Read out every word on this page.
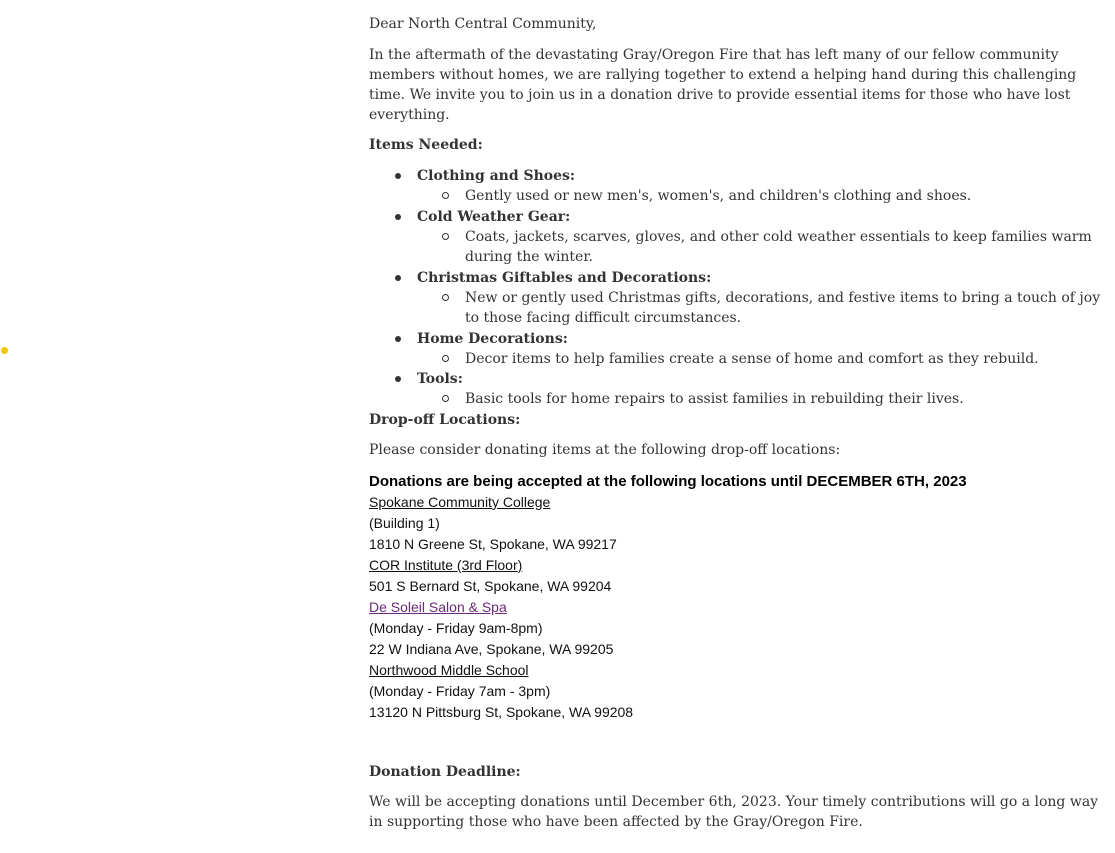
Dear North Central Community,

In the aftermath of the devastating Gray/Oregon Fire that has left many of our fellow community members without homes, we are rallying together to extend a helping hand during this challenging time. We invite you to join us in a donation drive to provide essential items for those who have lost everything.

Items Needed:

Clothing and Shoes:
Gently used or new men's, women's, and children's clothing and shoes.
Cold Weather Gear:
Coats, jackets, scarves, gloves, and other cold weather essentials to keep families warm during the winter.
Christmas Giftables and Decorations:
New or gently used Christmas gifts, decorations, and festive items to bring a touch of joy to those facing difficult circumstances.
Home Decorations:
Decor items to help families create a sense of home and comfort as they rebuild.
Tools:
Basic tools for home repairs to assist families in rebuilding their lives.

Drop-off Locations:

Please consider donating items at the following drop-off locations:

Donations are being accepted at the following locations until DECEMBER 6TH, 2023
Spokane Community College
(Building 1)
1810 N Greene St, Spokane, WA 99217
COR Institute (3rd Floor)
501 S Bernard St, Spokane, WA 99204
De Soleil Salon & Spa
(Monday - Friday 9am-8pm)
22 W Indiana Ave, Spokane, WA 99205
Northwood Middle School
(Monday - Friday 7am - 3pm)
13120 N Pittsburg St, Spokane, WA 99208

Donation Deadline:

We will be accepting donations until December 6th, 2023. Your timely contributions will go a long way in supporting those who have been affected by the Gray/Oregon Fire.
